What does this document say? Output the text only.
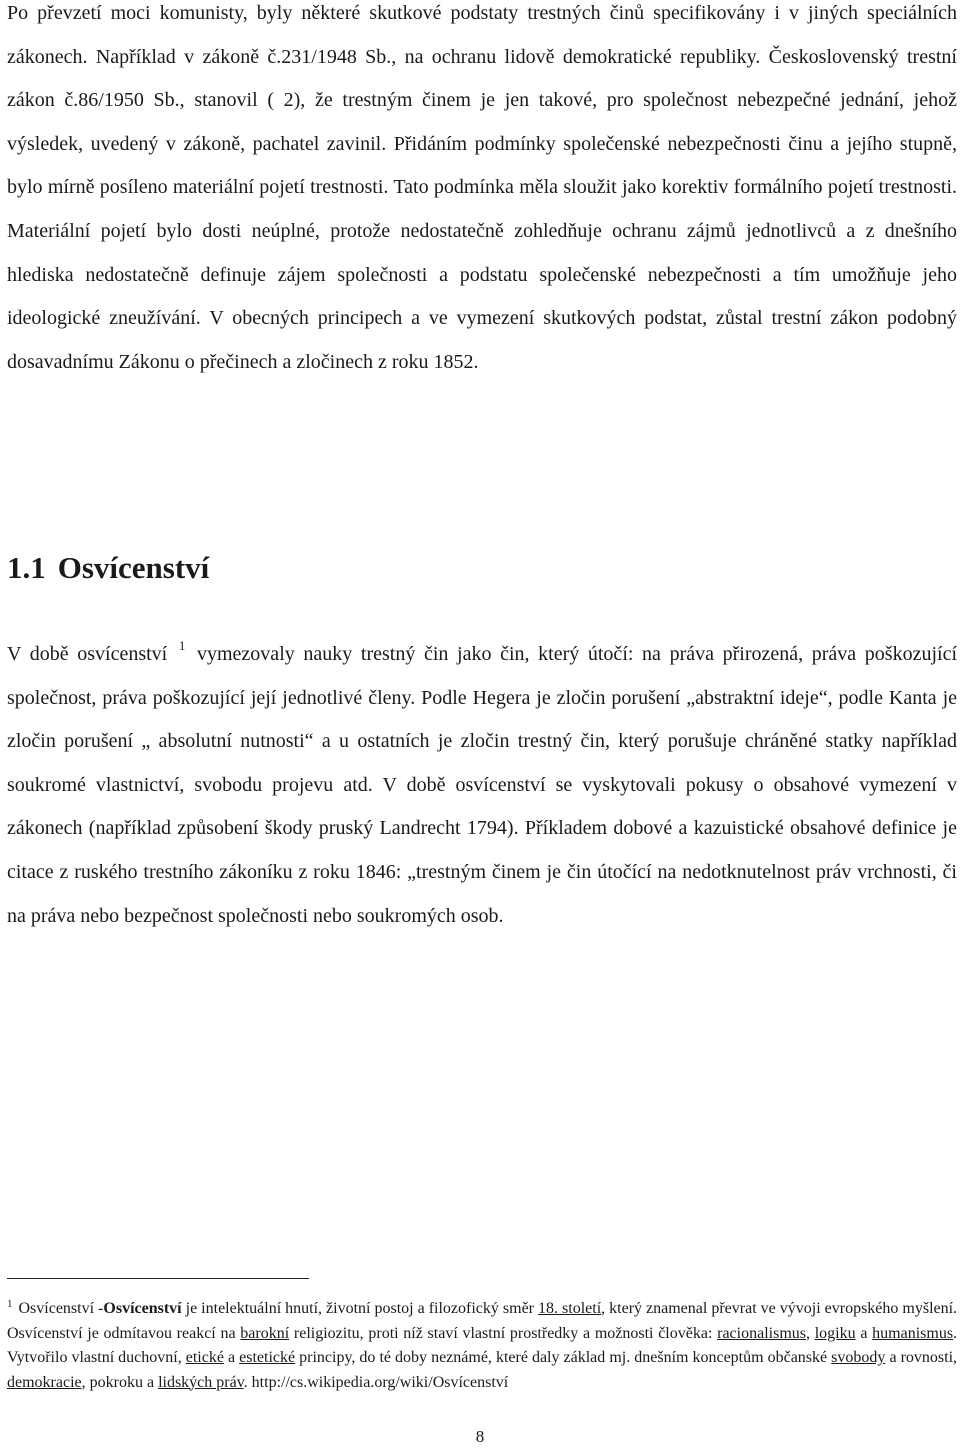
Po převzetí moci komunisty, byly některé skutkové podstaty trestných činů specifikovány i v jiných speciálních zákonech. Například v zákoně č.231/1948 Sb., na ochranu lidově demokratické republiky. Československý trestní zákon č.86/1950 Sb., stanovil ( 2), že trestným činem je jen takové, pro společnost nebezpečné jednání, jehož výsledek, uvedený v zákoně, pachatel zavinil. Přidáním podmínky společenské nebezpečnosti činu a jejího stupně, bylo mírně posíleno materiální pojetí trestnosti. Tato podmínka měla sloužit jako korektiv formálního pojetí trestnosti. Materiální pojetí bylo dosti neúplné, protože nedostatečně zohledňuje ochranu zájmů jednotlivců a z dnešního hlediska nedostatečně definuje zájem společnosti a podstatu společenské nebezpečnosti a tím umožňuje jeho ideologické zneužívání. V obecných principech a ve vymezení skutkových podstat, zůstal trestní zákon podobný dosavadnímu Zákonu o přečinech a zločinech z roku 1852.

1.1 Osvícenství

V době osvícenství $^1$ vymezovaly nauky trestný čin jako čin, který útočí: na práva přirozená, práva poškozující společnost, práva poškozující její jednotlivé členy. Podle Hegera je zločin porušení „abstraktní ideje“, podle Kanta je zločin porušení „ absolutní nutnosti“ a u ostatních je zločin trestný čin, který porušuje chráněné statky například soukromé vlastnictví, svobodu projevu atd. V době osvícenství se vyskytovali pokusy o obsahové vymezení v zákonech (například způsobení škody pruský Landrecht 1794). Příkladem dobové a kazuistické obsahové definice je citace z ruského trestního zákoníku z roku 1846: „trestným činem je čin útočící na nedotknutelnost práv vrchnosti, či na práva nebo bezpečnost společnosti nebo soukromých osob.

$^1$ Osvícenství -Osvícenství je intelektuální hnutí, životní postoj a filozofický směr 18. století, který znamenal převrat ve vývoji evropského myšlení. Osvícenství je odmítavou reakcí na barokní religiozitu, proti níž staví vlastní prostředky a možnosti člověka: racionalismus, logiku a humanismus. Vytvořilo vlastní duchovní, etické a estetické principy, do té doby neznámé, které daly základ mj. dnešním konceptům občanské svobody a rovnosti, demokracie, pokroku a lidských práv. http://cs.wikipedia.org/wiki/Osvícenství

8
